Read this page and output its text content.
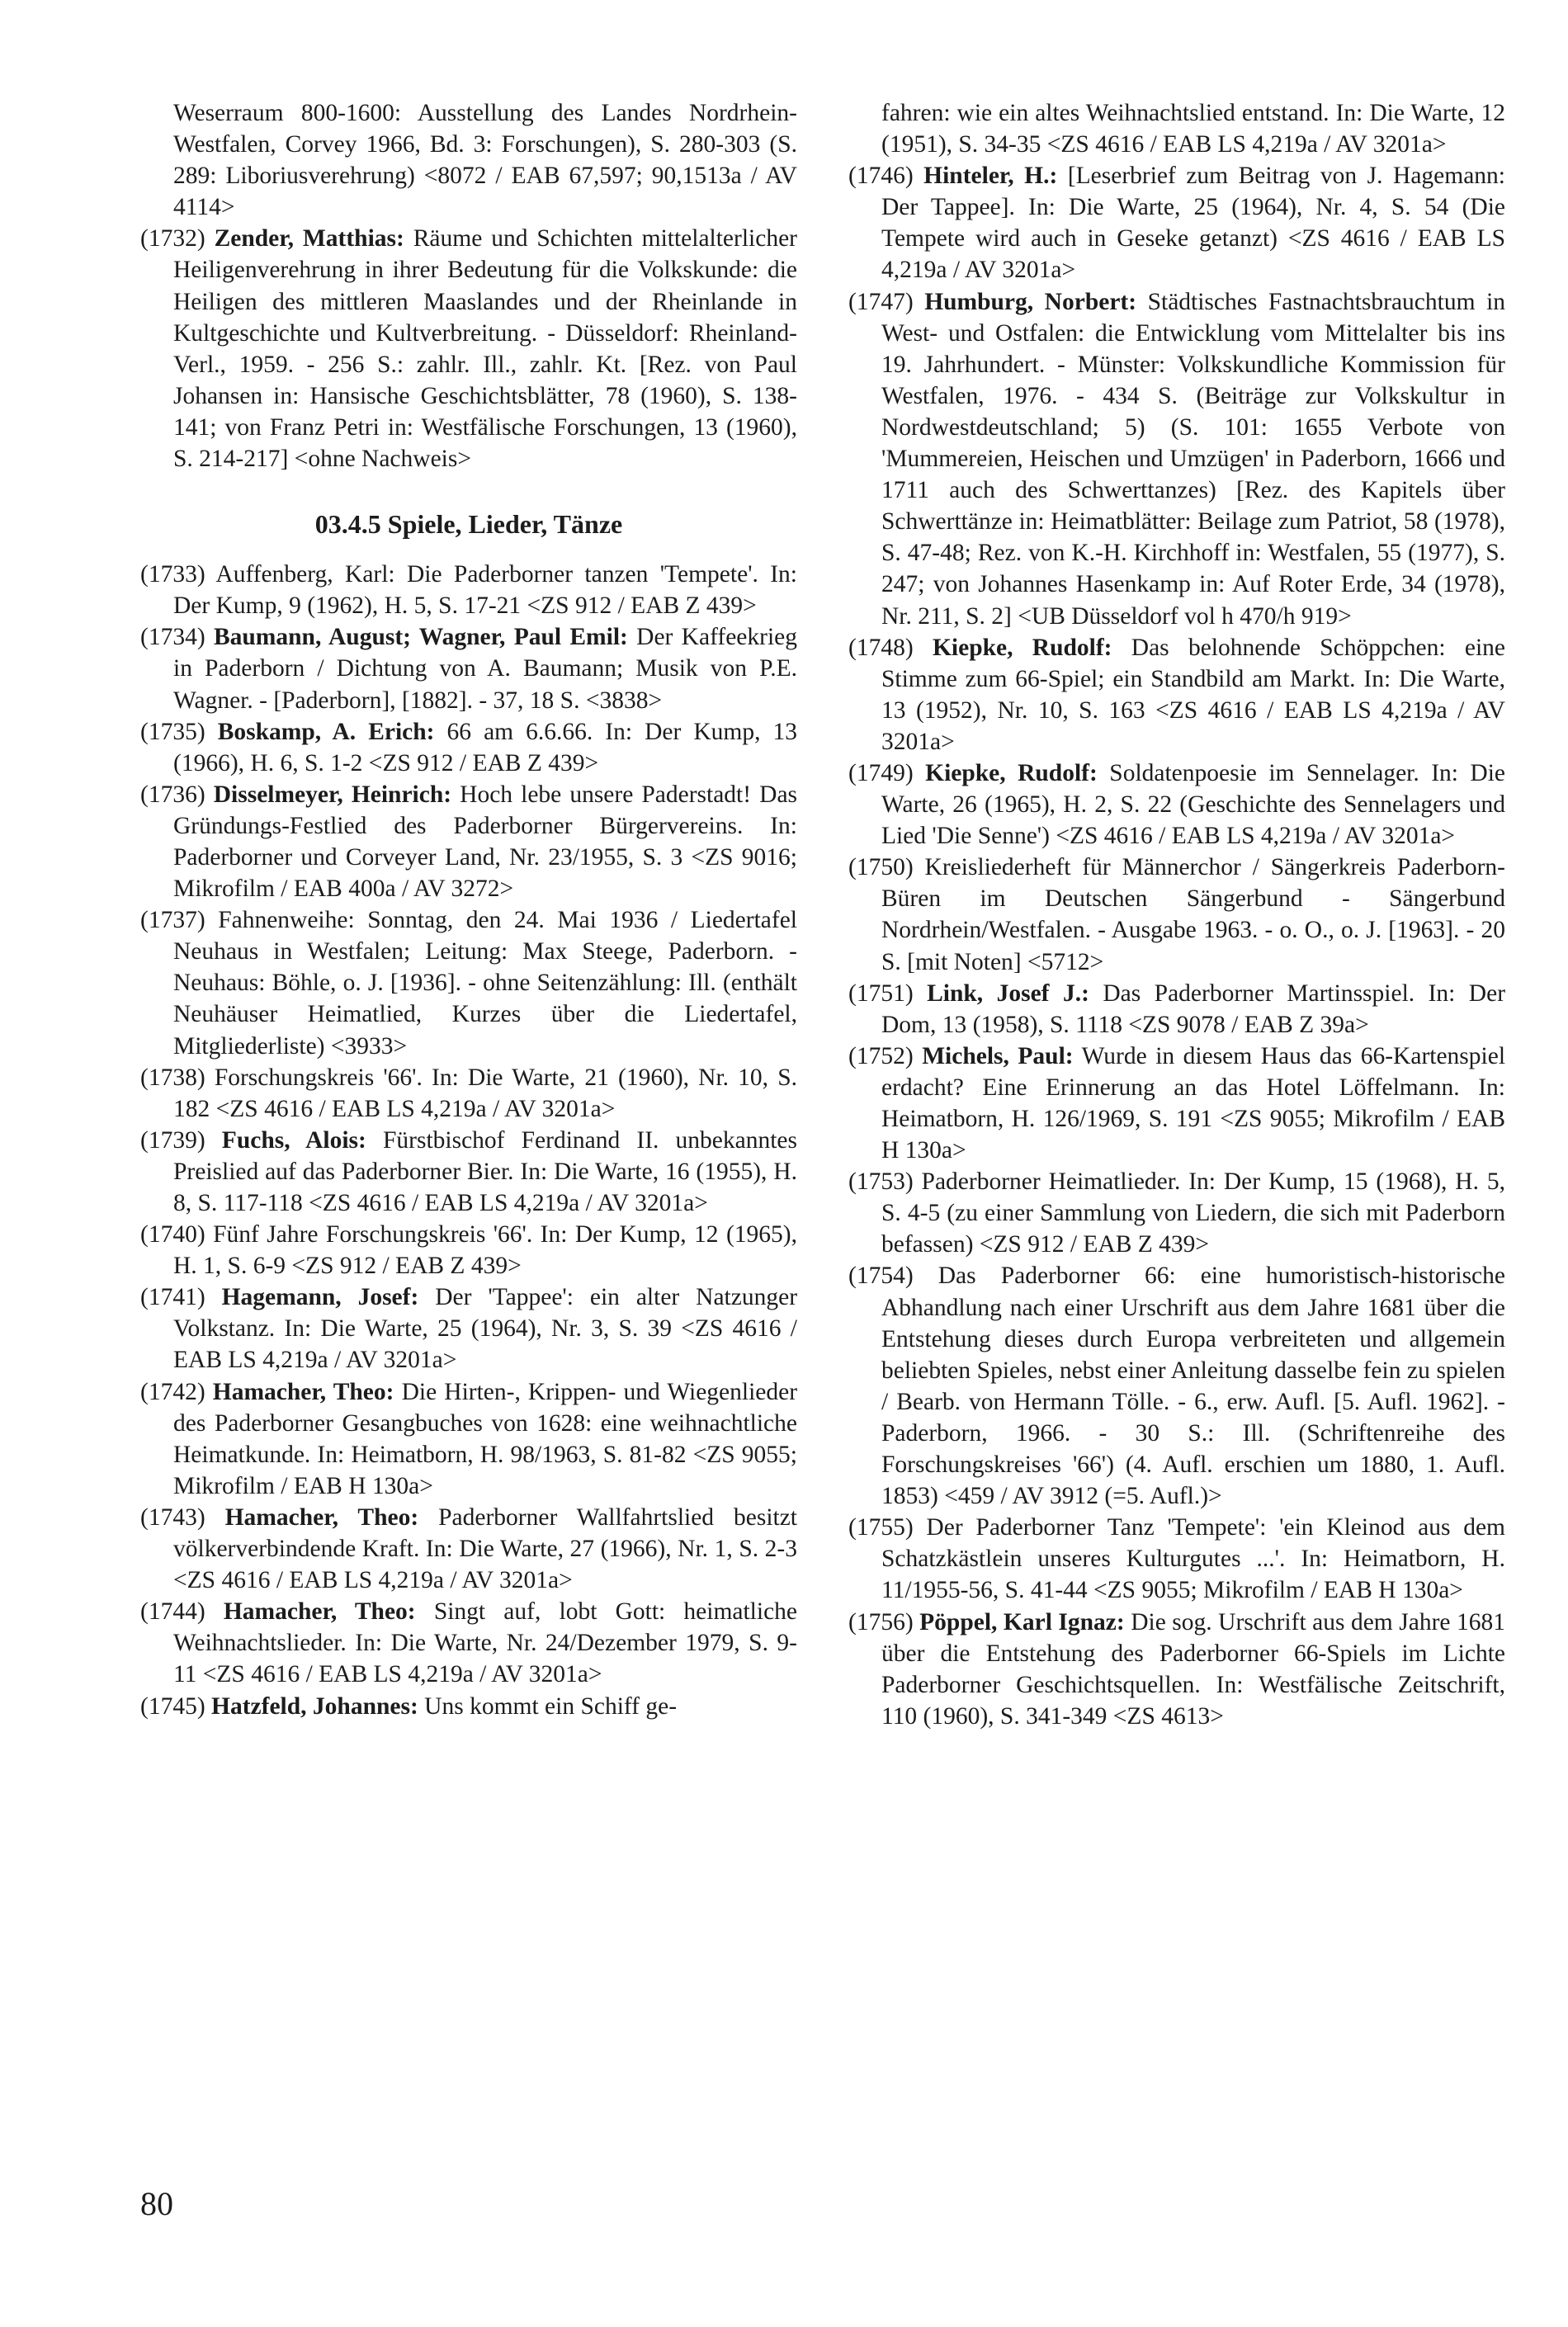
Weserraum 800-1600: Ausstellung des Landes Nordrhein-Westfalen, Corvey 1966, Bd. 3: Forschungen), S. 280-303 (S. 289: Liboriusverehrung) <8072 / EAB 67,597; 90,1513a / AV 4114>

(1732) Zender, Matthias: Räume und Schichten mittelalterlicher Heiligenverehrung in ihrer Bedeutung für die Volkskunde: die Heiligen des mittleren Maaslandes und der Rheinlande in Kultgeschichte und Kultverbreitung. - Düsseldorf: Rheinland-Verl., 1959. - 256 S.: zahlr. Ill., zahlr. Kt. [Rez. von Paul Johansen in: Hansische Geschichtsblätter, 78 (1960), S. 138-141; von Franz Petri in: Westfälische Forschungen, 13 (1960), S. 214-217] <ohne Nachweis>

03.4.5 Spiele, Lieder, Tänze

(1733) Auffenberg, Karl: Die Paderborner tanzen 'Tempete'. In: Der Kump, 9 (1962), H. 5, S. 17-21 <ZS 912 / EAB Z 439>

(1734) Baumann, August; Wagner, Paul Emil: Der Kaffeekrieg in Paderborn / Dichtung von A. Baumann; Musik von P.E. Wagner. - [Paderborn], [1882]. - 37, 18 S. <3838>

(1735) Boskamp, A. Erich: 66 am 6.6.66. In: Der Kump, 13 (1966), H. 6, S. 1-2 <ZS 912 / EAB Z 439>

(1736) Disselmeyer, Heinrich: Hoch lebe unsere Paderstadt! Das Gründungs-Festlied des Paderborner Bürgervereins. In: Paderborner und Corveyer Land, Nr. 23/1955, S. 3 <ZS 9016; Mikrofilm / EAB 400a / AV 3272>

(1737) Fahnenweihe: Sonntag, den 24. Mai 1936 / Liedertafel Neuhaus in Westfalen; Leitung: Max Steege, Paderborn. - Neuhaus: Böhle, o. J. [1936]. - ohne Seitenzählung: Ill. (enthält Neuhäuser Heimatlied, Kurzes über die Liedertafel, Mitgliederliste) <3933>

(1738) Forschungskreis '66'. In: Die Warte, 21 (1960), Nr. 10, S. 182 <ZS 4616 / EAB LS 4,219a / AV 3201a>

(1739) Fuchs, Alois: Fürstbischof Ferdinand II. unbekanntes Preislied auf das Paderborner Bier. In: Die Warte, 16 (1955), H. 8, S. 117-118 <ZS 4616 / EAB LS 4,219a / AV 3201a>

(1740) Fünf Jahre Forschungskreis '66'. In: Der Kump, 12 (1965), H. 1, S. 6-9 <ZS 912 / EAB Z 439>

(1741) Hagemann, Josef: Der 'Tappee': ein alter Natzunger Volkstanz. In: Die Warte, 25 (1964), Nr. 3, S. 39 <ZS 4616 / EAB LS 4,219a / AV 3201a>

(1742) Hamacher, Theo: Die Hirten-, Krippen- und Wiegenlieder des Paderborner Gesangbuches von 1628: eine weihnachtliche Heimatkunde. In: Heimatborn, H. 98/1963, S. 81-82 <ZS 9055; Mikrofilm / EAB H 130a>

(1743) Hamacher, Theo: Paderborner Wallfahrtslied besitzt völkerverbindende Kraft. In: Die Warte, 27 (1966), Nr. 1, S. 2-3 <ZS 4616 / EAB LS 4,219a / AV 3201a>

(1744) Hamacher, Theo: Singt auf, lobt Gott: heimatliche Weihnachtslieder. In: Die Warte, Nr. 24/Dezember 1979, S. 9-11 <ZS 4616 / EAB LS 4,219a / AV 3201a>

(1745) Hatzfeld, Johannes: Uns kommt ein Schiff ge-

fahren: wie ein altes Weihnachtslied entstand. In: Die Warte, 12 (1951), S. 34-35 <ZS 4616 / EAB LS 4,219a / AV 3201a>

(1746) Hinteler, H.: [Leserbrief zum Beitrag von J. Hagemann: Der Tappee]. In: Die Warte, 25 (1964), Nr. 4, S. 54 (Die Tempete wird auch in Geseke getanzt) <ZS 4616 / EAB LS 4,219a / AV 3201a>

(1747) Humburg, Norbert: Städtisches Fastnachtsbrauchtum in West- und Ostfalen: die Entwicklung vom Mittelalter bis ins 19. Jahrhundert. - Münster: Volkskundliche Kommission für Westfalen, 1976. - 434 S. (Beiträge zur Volkskultur in Nordwestdeutschland; 5) (S. 101: 1655 Verbote von 'Mummereien, Heischen und Umzügen' in Paderborn, 1666 und 1711 auch des Schwerttanzes) [Rez. des Kapitels über Schwerttänze in: Heimatblätter: Beilage zum Patriot, 58 (1978), S. 47-48; Rez. von K.-H. Kirchhoff in: Westfalen, 55 (1977), S. 247; von Johannes Hasenkamp in: Auf Roter Erde, 34 (1978), Nr. 211, S. 2] <UB Düsseldorf vol h 470/h 919>

(1748) Kiepke, Rudolf: Das belohnende Schöppchen: eine Stimme zum 66-Spiel; ein Standbild am Markt. In: Die Warte, 13 (1952), Nr. 10, S. 163 <ZS 4616 / EAB LS 4,219a / AV 3201a>

(1749) Kiepke, Rudolf: Soldatenpoesie im Sennelager. In: Die Warte, 26 (1965), H. 2, S. 22 (Geschichte des Sennelagers und Lied 'Die Senne') <ZS 4616 / EAB LS 4,219a / AV 3201a>

(1750) Kreisliederheft für Männerchor / Sängerkreis Paderborn-Büren im Deutschen Sängerbund - Sängerbund Nordrhein/Westfalen. - Ausgabe 1963. - o. O., o. J. [1963]. - 20 S. [mit Noten] <5712>

(1751) Link, Josef J.: Das Paderborner Martinsspiel. In: Der Dom, 13 (1958), S. 1118 <ZS 9078 / EAB Z 39a>

(1752) Michels, Paul: Wurde in diesem Haus das 66-Kartenspiel erdacht? Eine Erinnerung an das Hotel Löffelmann. In: Heimatborn, H. 126/1969, S. 191 <ZS 9055; Mikrofilm / EAB H 130a>

(1753) Paderborner Heimatlieder. In: Der Kump, 15 (1968), H. 5, S. 4-5 (zu einer Sammlung von Liedern, die sich mit Paderborn befassen) <ZS 912 / EAB Z 439>

(1754) Das Paderborner 66: eine humoristisch-historische Abhandlung nach einer Urschrift aus dem Jahre 1681 über die Entstehung dieses durch Europa verbreiteten und allgemein beliebten Spieles, nebst einer Anleitung dasselbe fein zu spielen / Bearb. von Hermann Tölle. - 6., erw. Aufl. [5. Aufl. 1962]. - Paderborn, 1966. - 30 S.: Ill. (Schriftenreihe des Forschungskreises '66') (4. Aufl. erschien um 1880, 1. Aufl. 1853) <459 / AV 3912 (=5. Aufl.)>

(1755) Der Paderborner Tanz 'Tempete': 'ein Kleinod aus dem Schatzkästlein unseres Kulturgutes ...'. In: Heimatborn, H. 11/1955-56, S. 41-44 <ZS 9055; Mikrofilm / EAB H 130a>

(1756) Pöppel, Karl Ignaz: Die sog. Urschrift aus dem Jahre 1681 über die Entstehung des Paderborner 66-Spiels im Lichte Paderborner Geschichtsquellen. In: Westfälische Zeitschrift, 110 (1960), S. 341-349 <ZS 4613>

80
